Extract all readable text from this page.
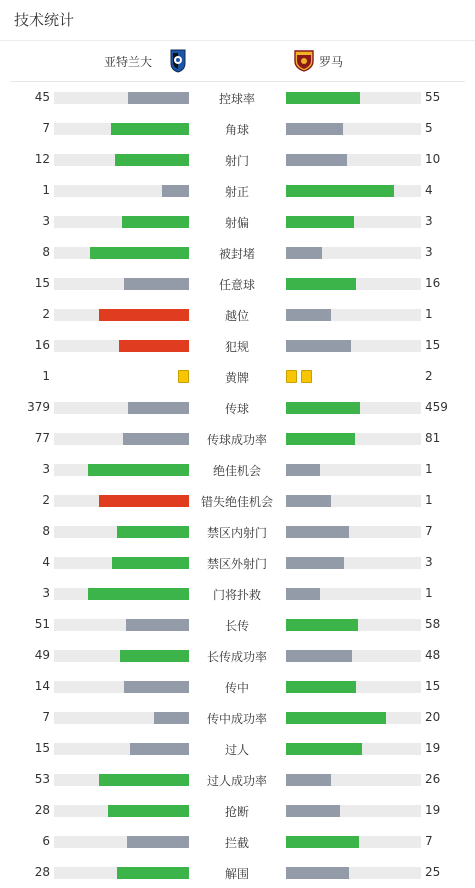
技术统计
亚特兰大	罗马
45	控球率	55
7	角球	5
12	射门	10
1	射正	4
3	射偏	3
8	被封堵	3
15	任意球	16
2	越位	1
16	犯规	15
1	黄牌	2
379	传球	459
77	传球成功率	81
3	绝佳机会	1
2	错失绝佳机会	1
8	禁区内射门	7
4	禁区外射门	3
3	门将扑救	1
51	长传	58
49	长传成功率	48
14	传中	15
7	传中成功率	20
15	过人	19
53	过人成功率	26
28	抢断	19
6	拦截	7
28	解围	25
